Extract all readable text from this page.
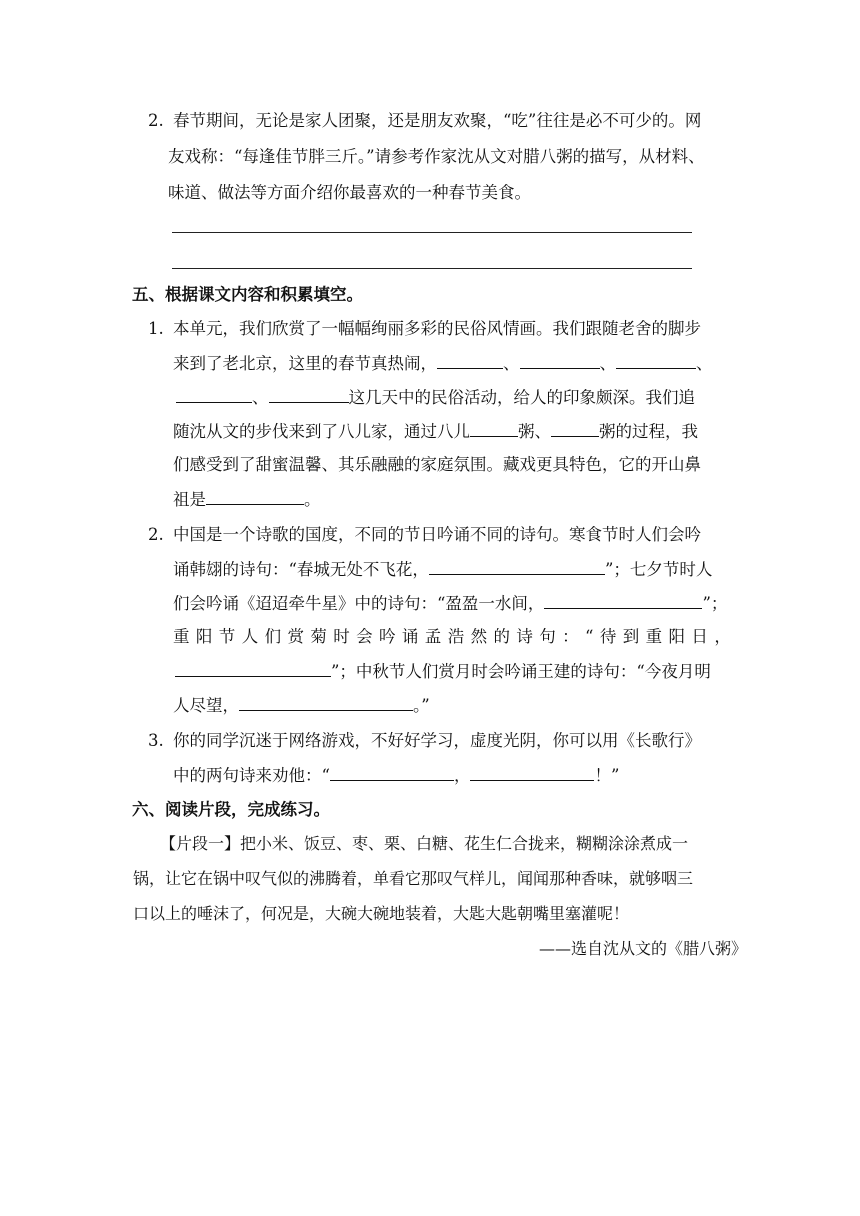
2. 春节期间，无论是家人团聚，还是朋友欢聚，“吃”往往是必不可少的。网
友戏称：“每逢佳节胖三斤。”请参考作家沈从文对腊八粥的描写，从材料、
味道、做法等方面介绍你最喜欢的一种春节美食。
五、根据课文内容和积累填空。
1. 本单元，我们欣赏了一幅幅绚丽多彩的民俗风情画。我们跟随老舍的脚步
来到了老北京，这里的春节真热闹，	、	、	、
、	这几天中的民俗活动，给人的印象颇深。我们追
随沈从文的步伐来到了八儿家，通过八儿	粥、	粥的过程，我
们感受到了甜蜜温馨、其乐融融的家庭氛围。藏戏更具特色，它的开山鼻
祖是	。
2. 中国是一个诗歌的国度，不同的节日吟诵不同的诗句。寒食节时人们会吟
诵韩翃的诗句：“春城无处不飞花，	”；七夕节时人
们会吟诵《迢迢牵牛星》中的诗句：“盈盈一水间，	”；
重 阳 节 人 们 赏 菊 时 会 吟 诵 孟 浩 然 的 诗 句 ： “ 待 到 重 阳 日 ，
”；中秋节人们赏月时会吟诵王建的诗句：“今夜月明
人尽望，	。”
3. 你的同学沉迷于网络游戏，不好好学习，虚度光阴，你可以用《长歌行》
中的两句诗来劝他：“	，	！”
六、阅读片段，完成练习。
【片段一】把小米、饭豆、枣、栗、白糖、花生仁合拢来，糊糊涂涂煮成一
锅，让它在锅中叹气似的沸腾着，单看它那叹气样儿，闻闻那种香味，就够咽三
口以上的唾沫了，何况是，大碗大碗地装着，大匙大匙朝嘴里塞灌呢！
——选自沈从文的《腊八粥》
